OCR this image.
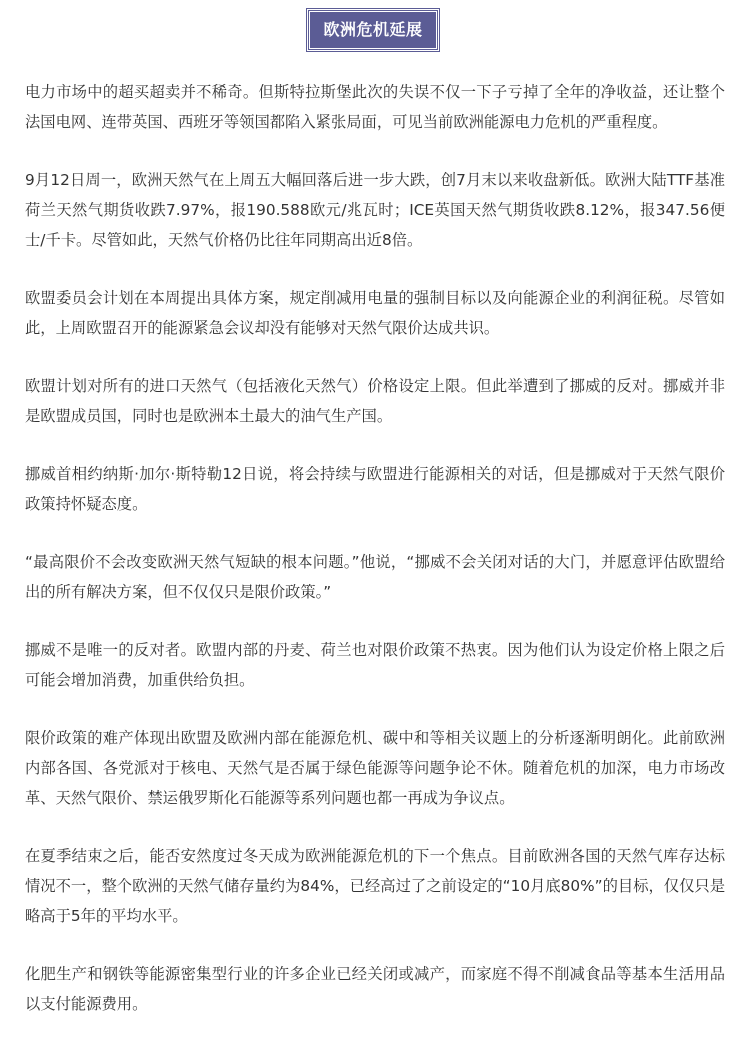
欧洲危机延展

电力市场中的超买超卖并不稀奇。但斯特拉斯堡此次的失误不仅一下子亏掉了全年的净收益，还让整个法国电网、连带英国、西班牙等领国都陷入紧张局面，可见当前欧洲能源电力危机的严重程度。

9月12日周一，欧洲天然气在上周五大幅回落后进一步大跌，创7月末以来收盘新低。欧洲大陆TTF基准荷兰天然气期货收跌7.97%，报190.588欧元/兆瓦时；ICE英国天然气期货收跌8.12%，报347.56便士/千卡。尽管如此，天然气价格仍比往年同期高出近8倍。

欧盟委员会计划在本周提出具体方案，规定削减用电量的强制目标以及向能源企业的利润征税。尽管如此，上周欧盟召开的能源紧急会议却没有能够对天然气限价达成共识。

欧盟计划对所有的进口天然气（包括液化天然气）价格设定上限。但此举遭到了挪威的反对。挪威并非是欧盟成员国，同时也是欧洲本土最大的油气生产国。

挪威首相约纳斯·加尔·斯特勒12日说，将会持续与欧盟进行能源相关的对话，但是挪威对于天然气限价政策持怀疑态度。

“最高限价不会改变欧洲天然气短缺的根本问题。”他说，“挪威不会关闭对话的大门，并愿意评估欧盟给出的所有解决方案，但不仅仅只是限价政策。”

挪威不是唯一的反对者。欧盟内部的丹麦、荷兰也对限价政策不热衷。因为他们认为设定价格上限之后可能会增加消费，加重供给负担。

限价政策的难产体现出欧盟及欧洲内部在能源危机、碳中和等相关议题上的分析逐渐明朗化。此前欧洲内部各国、各党派对于核电、天然气是否属于绿色能源等问题争论不休。随着危机的加深，电力市场改革、天然气限价、禁运俄罗斯化石能源等系列问题也都一再成为争议点。

在夏季结束之后，能否安然度过冬天成为欧洲能源危机的下一个焦点。目前欧洲各国的天然气库存达标情况不一，整个欧洲的天然气储存量约为84%，已经高过了之前设定的“10月底80%”的目标，仅仅只是略高于5年的平均水平。

化肥生产和钢铁等能源密集型行业的许多企业已经关闭或减产，而家庭不得不削减食品等基本生活用品以支付能源费用。
